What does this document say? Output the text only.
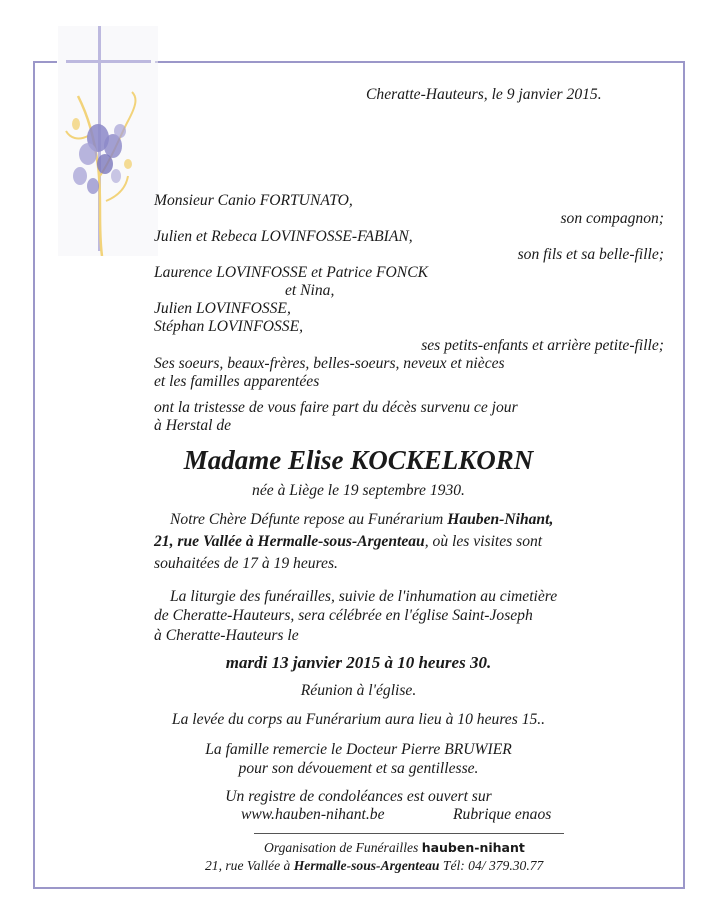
Cheratte-Hauteurs, le 9 janvier 2015.
Monsieur Canio FORTUNATO,
son compagnon;
Julien et Rebeca LOVINFOSSE-FABIAN,
son fils et sa belle-fille;
Laurence LOVINFOSSE et Patrice FONCK
et Nina,
Julien LOVINFOSSE,
Stéphan LOVINFOSSE,
ses petits-enfants et arrière petite-fille;
Ses soeurs, beaux-frères, belles-soeurs, neveux et nièces
et les familles apparentées
ont la tristesse de vous faire part du décès survenu ce jour
à Herstal de
Madame Elise KOCKELKORN
née à Liège le 19 septembre 1930.
Notre Chère Défunte repose au Funérarium Hauben-Nihant,
21, rue Vallée à Hermalle-sous-Argenteau, où les visites sont
souhaitées de 17 à 19 heures.
La liturgie des funérailles, suivie de l'inhumation au cimetière
de Cheratte-Hauteurs, sera célébrée en l'église Saint-Joseph
à Cheratte-Hauteurs le
mardi 13 janvier 2015 à 10 heures 30.
Réunion à l'église.
La levée du corps au Funérarium aura lieu à 10 heures 15..
La famille remercie le Docteur Pierre BRUWIER
pour son dévouement et sa gentillesse.
Un registre de condoléances est ouvert sur
www.hauben-nihant.be	Rubrique enaos
Organisation de Funérailles hauben-nihant
21, rue Vallée à Hermalle-sous-Argenteau Tél: 04/ 379.30.77
